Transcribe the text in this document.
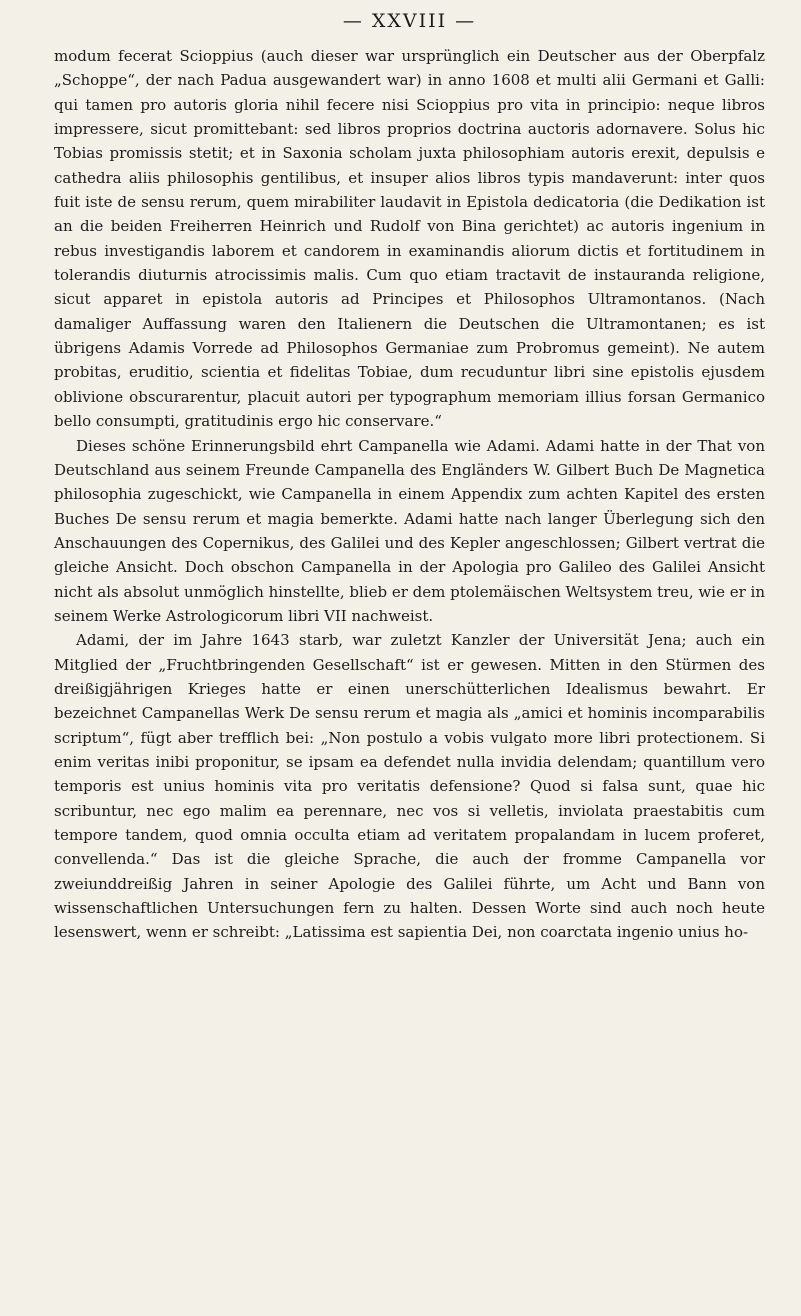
— XXVIII —

modum fecerat Scioppius (auch dieser war ursprünglich ein Deutscher aus der Oberpfalz „Schoppe“, der nach Padua ausgewandert war) in anno 1608 et multi alii Germani et Galli: qui tamen pro autoris gloria nihil fecere nisi Scioppius pro vita in principio: neque libros impressere, sicut promittebant: sed libros proprios doctrina auctoris adornavere. Solus hic Tobias promissis stetit; et in Saxonia scholam juxta philosophiam autoris erexit, depulsis e cathedra aliis philosophis gentilibus, et insuper alios libros typis mandaverunt: inter quos fuit iste de sensu rerum, quem mirabiliter laudavit in Epistola dedicatoria (die Dedikation ist an die beiden Freiherren Heinrich und Rudolf von Bina gerichtet) ac autoris ingenium in rebus investigandis laborem et candorem in examinandis aliorum dictis et fortitudinem in tolerandis diuturnis atrocissimis malis. Cum quo etiam tractavit de instauranda religione, sicut apparet in epistola autoris ad Principes et Philosophos Ultramontanos. (Nach damaliger Auffassung waren den Italienern die Deutschen die Ultramontanen; es ist übrigens Adamis Vorrede ad Philosophos Germaniae zum Probromus gemeint). Ne autem probitas, eruditio, scientia et fidelitas Tobiae, dum recuduntur libri sine epistolis ejusdem oblivione obscurarentur, placuit autori per typographum memoriam illius forsan Germanico bello consumpti, gratitudinis ergo hic conservare.“

Dieses schöne Erinnerungsbild ehrt Campanella wie Adami. Adami hatte in der That von Deutschland aus seinem Freunde Campanella des Engländers W. Gilbert Buch De Magnetica philosophia zugeschickt, wie Campanella in einem Appendix zum achten Kapitel des ersten Buches De sensu rerum et magia bemerkte. Adami hatte nach langer Überlegung sich den Anschauungen des Copernikus, des Galilei und des Kepler angeschlossen; Gilbert vertrat die gleiche Ansicht. Doch obschon Campanella in der Apologia pro Galileo des Galilei Ansicht nicht als absolut unmöglich hinstellte, blieb er dem ptolemäischen Weltsystem treu, wie er in seinem Werke Astrologicorum libri VII nachweist.

Adami, der im Jahre 1643 starb, war zuletzt Kanzler der Universität Jena; auch ein Mitglied der „Fruchtbringenden Gesellschaft“ ist er gewesen. Mitten in den Stürmen des dreißigjährigen Krieges hatte er einen unerschütterlichen Idealismus bewahrt. Er bezeichnet Campanellas Werk De sensu rerum et magia als „amici et hominis incomparabilis scriptum“, fügt aber trefflich bei: „Non postulo a vobis vulgato more libri protectionem. Si enim veritas inibi proponitur, se ipsam ea defendet nulla invidia delendam; quantillum vero temporis est unius hominis vita pro veritatis defensione? Quod si falsa sunt, quae hic scribuntur, nec ego malim ea perennare, nec vos si velletis, inviolata praestabitis cum tempore tandem, quod omnia occulta etiam ad veritatem propalandam in lucem proferet, convellenda.“ Das ist die gleiche Sprache, die auch der fromme Campanella vor zweiunddreißig Jahren in seiner Apologie des Galilei führte, um Acht und Bann von wissenschaftlichen Untersuchungen fern zu halten. Dessen Worte sind auch noch heute lesenswert, wenn er schreibt: „Latissima est sapientia Dei, non coarctata ingenio unius ho-
